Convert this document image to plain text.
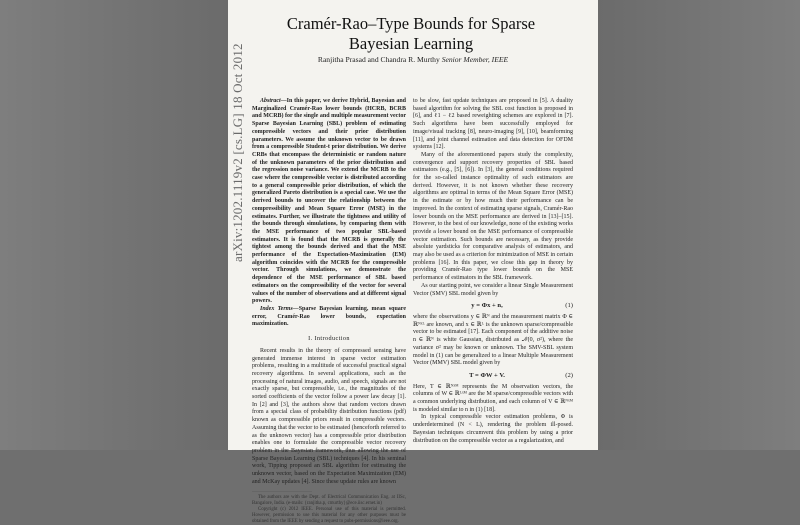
arXiv:1202.1119v2 [cs.LG] 18 Oct 2012
Cramér-Rao–Type Bounds for Sparse Bayesian Learning
Ranjitha Prasad and Chandra R. Murthy Senior Member, IEEE

Abstract—In this paper, we derive Hybrid, Bayesian and Marginalized Cramér-Rao lower bounds (HCRB, BCRB and MCRB) for the single and multiple measurement vector Sparse Bayesian Learning (SBL) problem of estimating compressible vectors and their prior distribution parameters. We assume the unknown vector to be drawn from a compressible Student-t prior distribution. We derive CRBs that encompass the deterministic or random nature of the unknown parameters of the prior distribution and the regression noise variance. We extend the MCRB to the case where the compressible vector is distributed according to a general compressible prior distribution, of which the generalized Pareto distribution is a special case. We use the derived bounds to uncover the relationship between the compressibility and Mean Square Error (MSE) in the estimates. Further, we illustrate the tightness and utility of the bounds through simulations, by comparing them with the MSE performance of two popular SBL-based estimators. It is found that the MCRB is generally the tightest among the bounds derived and that the MSE performance of the Expectation-Maximization (EM) algorithm coincides with the MCRB for the compressible vector. Through simulations, we demonstrate the dependence of the MSE performance of SBL based estimators on the compressibility of the vector for several values of the number of observations and at different signal powers.

Index Terms—Sparse Bayesian learning, mean square error, Cramér-Rao lower bounds, expectation maximization.

I. Introduction

Recent results in the theory of compressed sensing have generated immense interest in sparse vector estimation problems, resulting in a multitude of successful practical signal recovery algorithms. In several applications, such as the processing of natural images, audio, and speech, signals are not exactly sparse, but compressible, i.e., the magnitudes of the sorted coefficients of the vector follow a power law decay [1]. In [2] and [3], the authors show that random vectors drawn from a special class of probability distribution functions (pdf) known as compressible priors result in compressible vectors. Assuming that the vector to be estimated (henceforth referred to as the unknown vector) has a compressible prior distribution enables one to formulate the compressible vector recovery problem in the Bayesian framework, thus allowing the use of Sparse Bayesian Learning (SBL) techniques [4]. In his seminal work, Tipping proposed an SBL algorithm for estimating the unknown vector, based on the Expectation Maximization (EM) and McKay updates [4]. Since these update rules are known

The authors are with the Dept. of Electrical Communication Eng. at IISc, Bangalore, India. (e-mails: {ranjitha.p, cmurthy}@ece.iisc.ernet.in)

Copyright (c) 2012 IEEE. Personal use of this material is permitted. However, permission to use this material for any other purposes must be obtained from the IEEE by sending a request to pubs-permissions@ieee.org.

to be slow, fast update techniques are proposed in [5]. A duality based algorithm for solving the SBL cost function is proposed in [6], and ℓ1 − ℓ2 based reweighting schemes are explored in [7]. Such algorithms have been successfully employed for image/visual tracking [8], neuro-imaging [9], [10], beamforming [11], and joint channel estimation and data detection for OFDM systems [12].

Many of the aforementioned papers study the complexity, convergence and support recovery properties of SBL based estimators (e.g., [5], [6]). In [3], the general conditions required for the so-called instance optimality of such estimators are derived. However, it is not known whether these recovery algorithms are optimal in terms of the Mean Square Error (MSE) in the estimate or by how much their performance can be improved. In the context of estimating sparse signals, Cramér-Rao lower bounds on the MSE performance are derived in [13]–[15]. However, to the best of our knowledge, none of the existing works provide a lower bound on the MSE performance of compressible vector estimation. Such bounds are necessary, as they provide absolute yardsticks for comparative analysis of estimators, and may also be used as a criterion for minimization of MSE in certain problems [16]. In this paper, we close this gap in theory by providing Cramér-Rao type lower bounds on the MSE performance of estimators in the SBL framework.

As our starting point, we consider a linear Single Measurement Vector (SMV) SBL model given by

y = Φx + n,	(1)

where the observations y ∈ ℝᴺ and the measurement matrix Φ ∈ ℝᴺˣᴸ are known, and x ∈ ℝᴸ is the unknown sparse/compressible vector to be estimated [17]. Each component of the additive noise n ∈ ℝᴺ is white Gaussian, distributed as 𝒩(0, σ²), where the variance σ² may be known or unknown. The SMV-SBL system model in (1) can be generalized to a linear Multiple Measurement Vector (MMV) SBL model given by

T = ΦW + V.	(2)

Here, T ∈ ℝᴺˣᴹ represents the M observation vectors, the columns of W ∈ ℝᴸˣᴹ are the M sparse/compressible vectors with a common underlying distribution, and each column of V ∈ ℝᴺˣᴹ is modeled similar to n in (1) [18].

In typical compressible vector estimation problems, Φ is underdetermined (N < L), rendering the problem ill-posed. Bayesian techniques circumvent this problem by using a prior distribution on the compressible vector as a regularization, and
